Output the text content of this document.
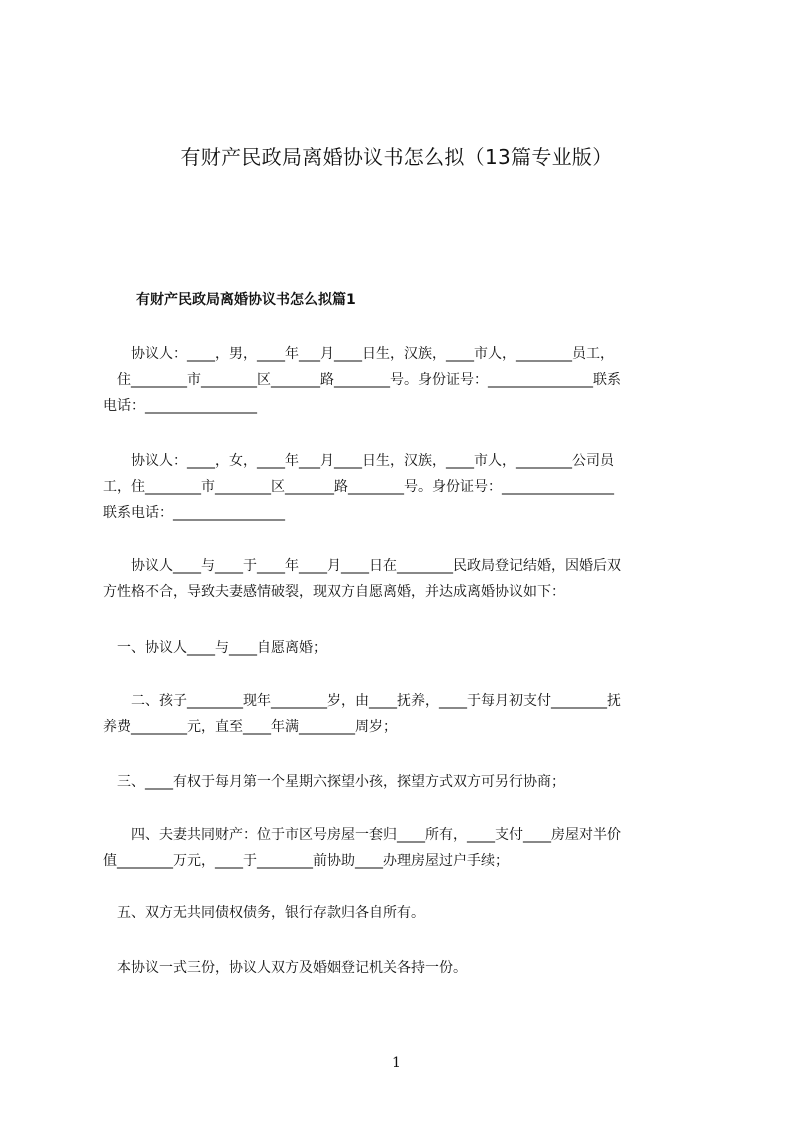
有财产民政局离婚协议书怎么拟（13篇专业版）
有财产民政局离婚协议书怎么拟篇1
　　协议人：____，男，____年___月____日生，汉族，____市人，________员工，
　住________市________区_______路________号。身份证号：_______________联系
电话：________________
　　协议人：____，女，____年___月____日生，汉族，____市人，________公司员
工，住________市________区_______路________号。身份证号：________________
联系电话：________________
　　协议人____与____于____年____月____日在________民政局登记结婚，因婚后双
方性格不合，导致夫妻感情破裂，现双方自愿离婚，并达成离婚协议如下：
　一、协议人____与____自愿离婚；
　　二、孩子________现年________岁，由____抚养，____于每月初支付________抚
养费________元，直至____年满________周岁；
　三、____有权于每月第一个星期六探望小孩，探望方式双方可另行协商；
　　四、夫妻共同财产：位于市区号房屋一套归____所有，____支付____房屋对半价
值________万元，____于________前协助____办理房屋过户手续；
　五、双方无共同债权债务，银行存款归各自所有。
　本协议一式三份，协议人双方及婚姻登记机关各持一份。
1
